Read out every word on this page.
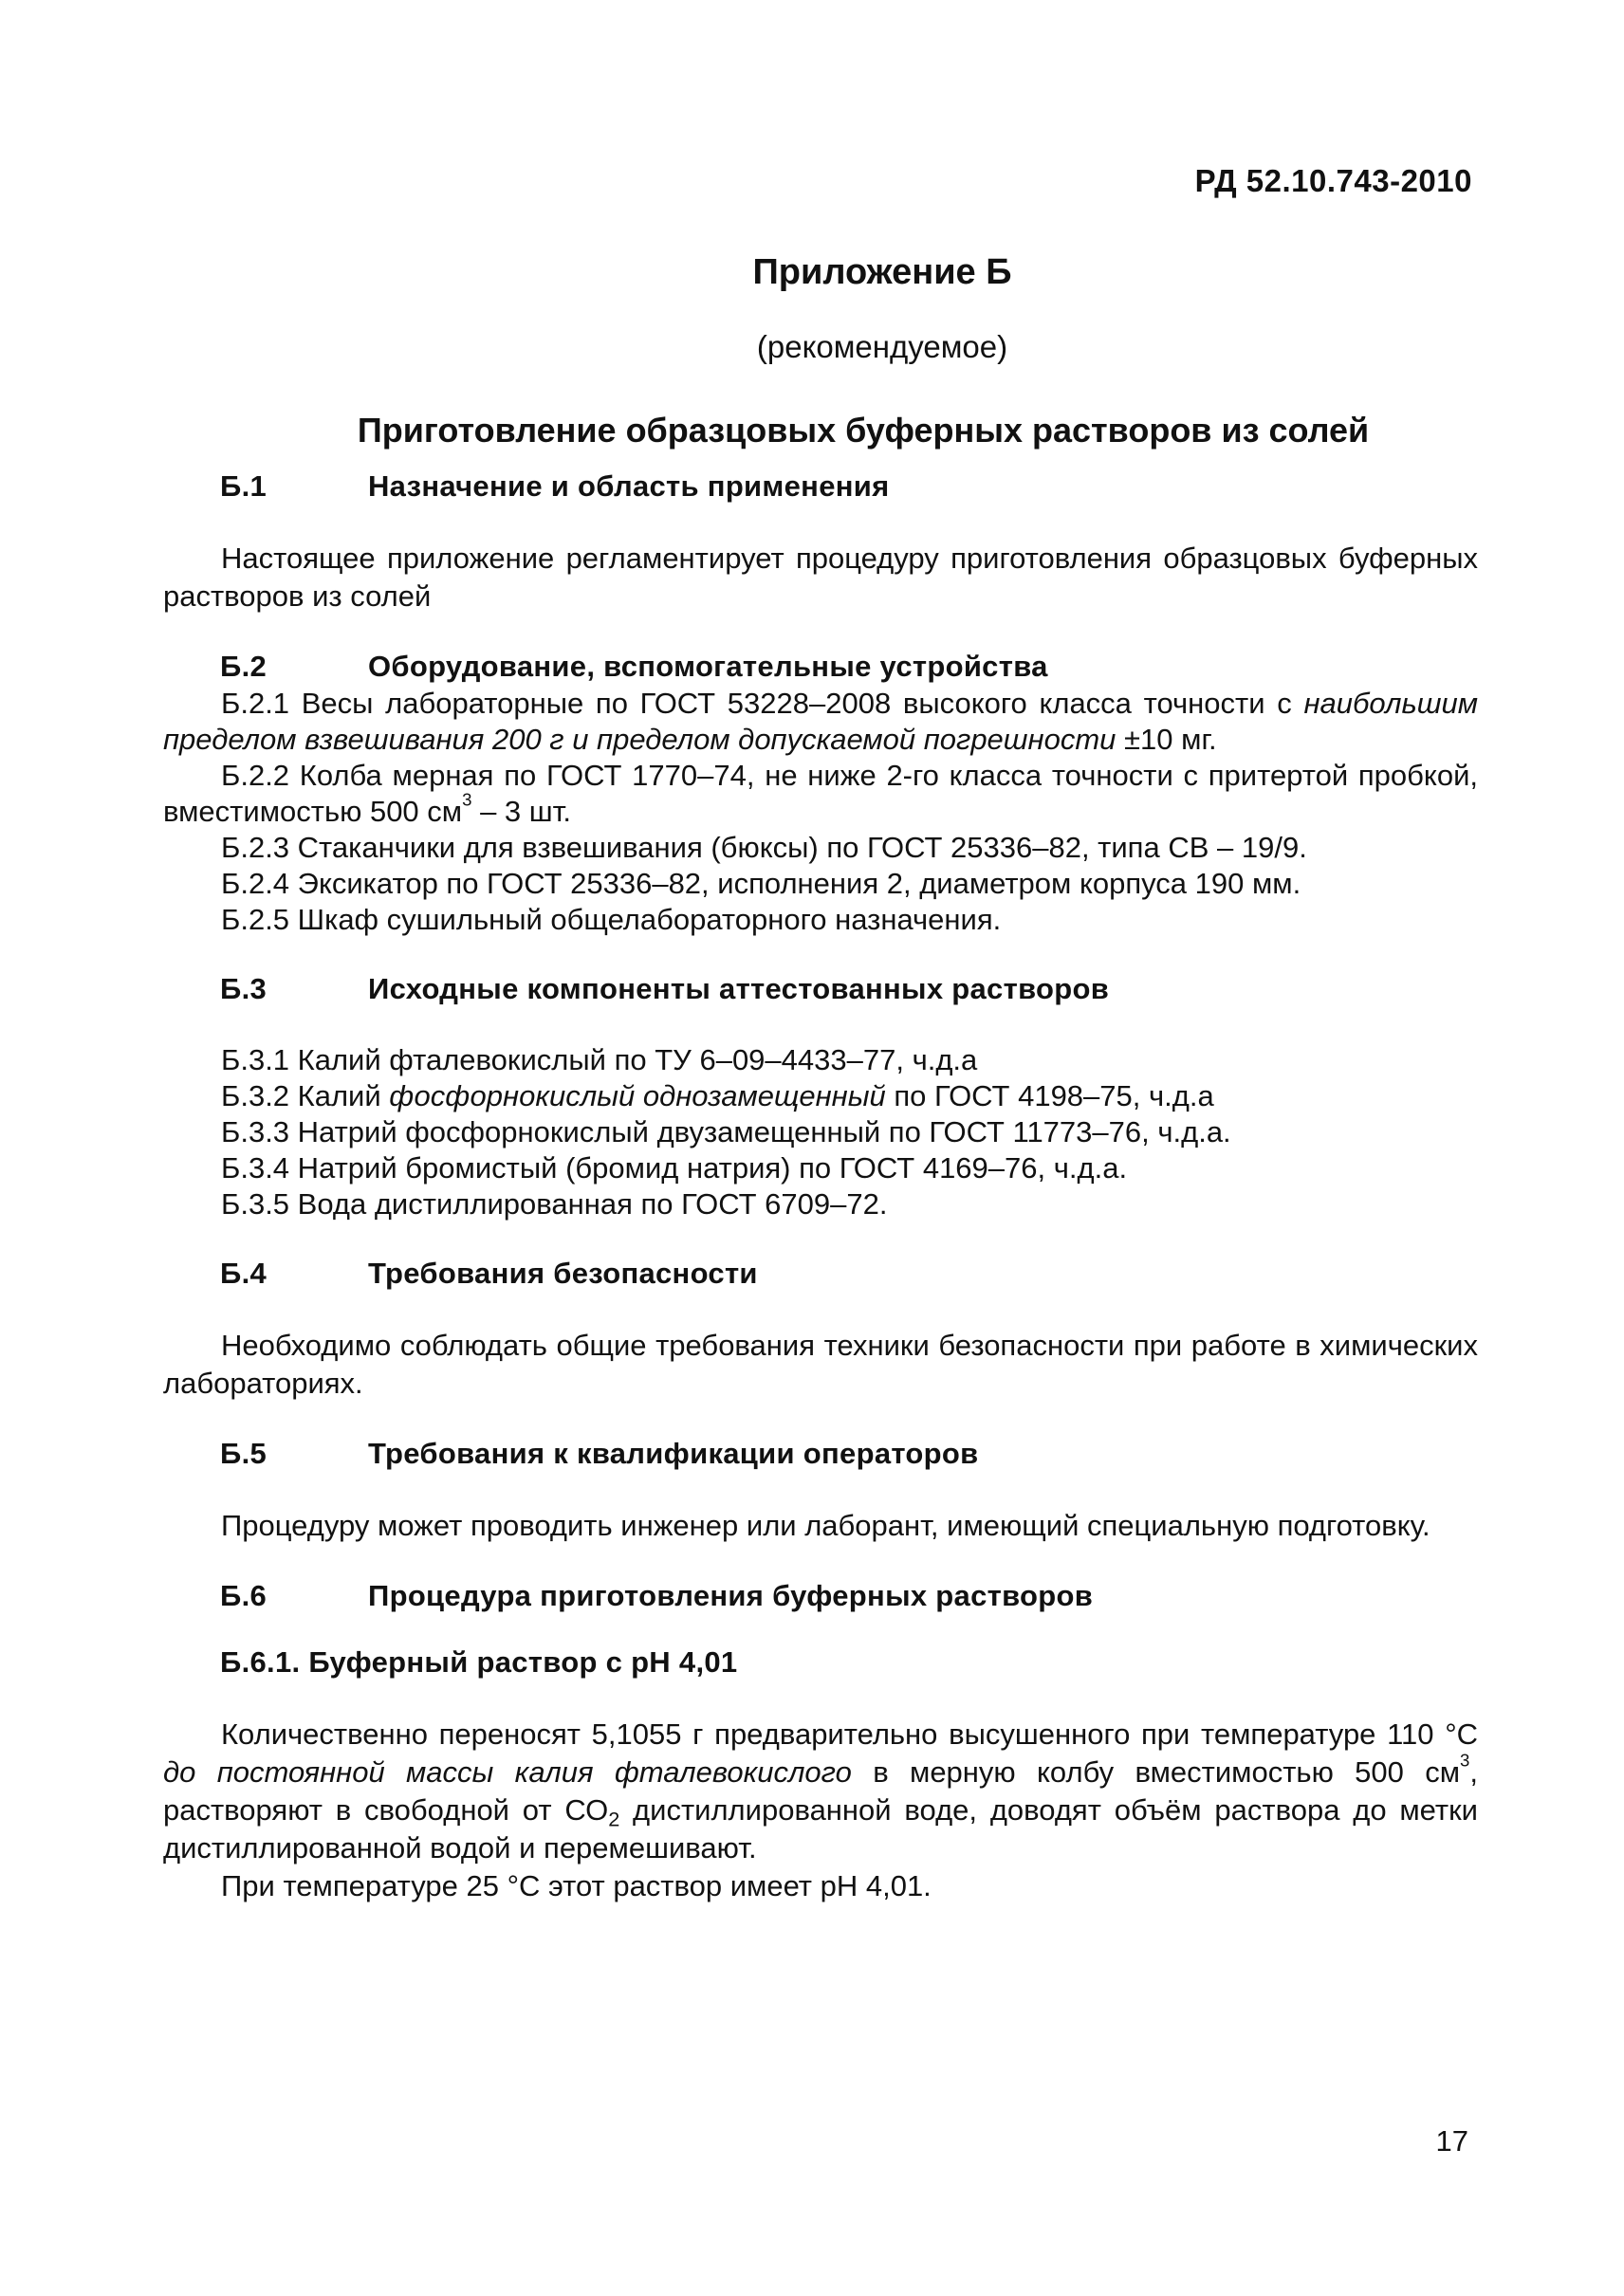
РД 52.10.743-2010
Приложение Б
(рекомендуемое)
Приготовление образцовых буферных растворов из солей
Б.1	Назначение и область применения

Настоящее приложение регламентирует процедуру приготовления образцовых буферных растворов из солей

Б.2	Оборудование, вспомогательные устройства

Б.2.1 Весы лабораторные по ГОСТ 53228–2008 высокого класса точности с наибольшим пределом взвешивания 200 г и пределом допускаемой погрешности ±10 мг.

Б.2.2 Колба мерная по ГОСТ 1770–74, не ниже 2-го класса точности с притертой пробкой, вместимостью 500 $см^3 - 3$ шт.

Б.2.3 Стаканчики для взвешивания (бюксы) по ГОСТ 25336–82, типа СВ – 19/9.

Б.2.4 Эксикатор по ГОСТ 25336–82, исполнения 2, диаметром корпуса 190 мм.

Б.2.5 Шкаф сушильный общелабораторного назначения.

Б.3	Исходные компоненты аттестованных растворов

Б.3.1 Калий фталевокислый по ТУ 6–09–4433–77, ч.д.а

Б.3.2 Калий фосфорнокислый однозамещенный по ГОСТ 4198–75, ч.д.а

Б.3.3 Натрий фосфорнокислый двузамещенный по ГОСТ 11773–76, ч.д.а.

Б.3.4 Натрий бромистый (бромид натрия) по ГОСТ 4169–76, ч.д.а.

Б.3.5 Вода дистиллированная по ГОСТ 6709–72.

Б.4	Требования безопасности

Необходимо соблюдать общие требования техники безопасности при работе в химических лабораториях.

Б.5	Требования к квалификации операторов

Процедуру может проводить инженер или лаборант, имеющий специальную подготовку.

Б.6	Процедура приготовления буферных растворов
Б.6.1. Буферный раствор с рН 4,01

Количественно переносят 5,1055 г предварительно высушенного при температуре 110 °С до постоянной массы калия фталевокислого в мерную колбу вместимостью 500 $см^3$, растворяют в свободной от $СО_2$ дистиллированной воде, доводят объём раствора до метки дистиллированной водой и перемешивают.

При температуре 25 °С этот раствор имеет рН 4,01.

17
